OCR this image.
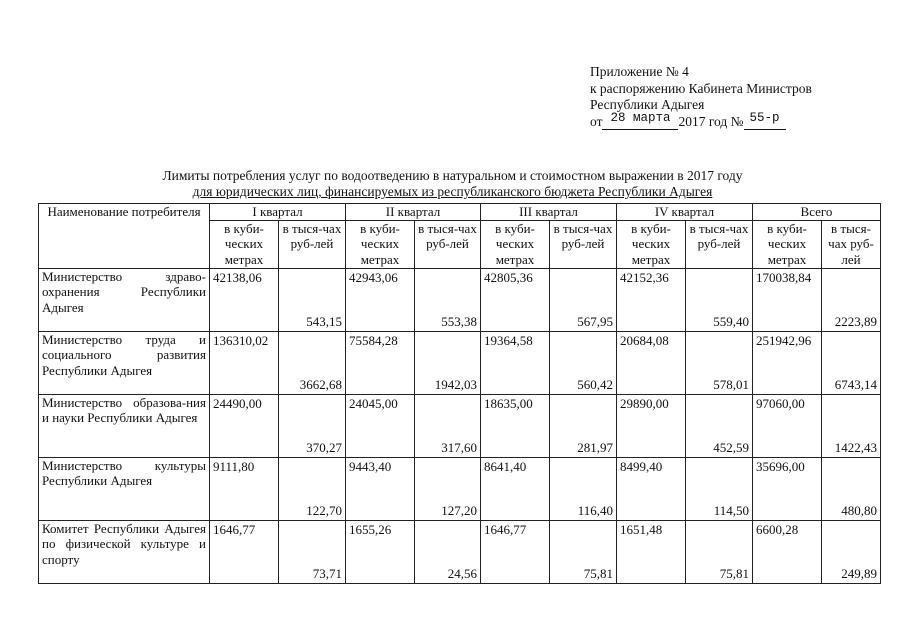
Приложение № 4
к распоряжению Кабинета Министров
Республики Адыгея
от 28 марта 2017 год № 55-р
Лимиты потребления услуг по водоотведению в натуральном и стоимостном выражении в 2017 году
для юридических лиц, финансируемых из республиканского бюджета Республики Адыгея
Наименование потребителя	I квартал		II квартал		III квартал		IV квартал		Всего	
	в куби-ческих метрах	в тыся-чах руб-лей	в куби-ческих метрах	в тыся-чах руб-лей	в куби-ческих метрах	в тыся-чах руб-лей	в куби-ческих метрах	в тыся-чах руб-лей	в куби-ческих метрах	в тыся-чах руб-лей
Министерство здраво-охранения Республики Адыгея	42138,06	543,15	42943,06	553,38	42805,36	567,95	42152,36	559,40	170038,84	2223,89

Министерство труда и социального развития Республики Адыгея	136310,02	3662,68	75584,28	1942,03	19364,58	560,42	20684,08	578,01	251942,96	6743,14

Министерство образова-ния и науки Республики Адыгея	24490,00	370,27	24045,00	317,60	18635,00	281,97	29890,00	452,59	97060,00	1422,43

Министерство культуры Республики Адыгея	9111,80	122,70	9443,40	127,20	8641,40	116,40	8499,40	114,50	35696,00	480,80

Комитет Республики Адыгея по физической культуре и спорту	1646,77	73,71	1655,26	24,56	1646,77	75,81	1651,48	75,81	6600,28	249,89
